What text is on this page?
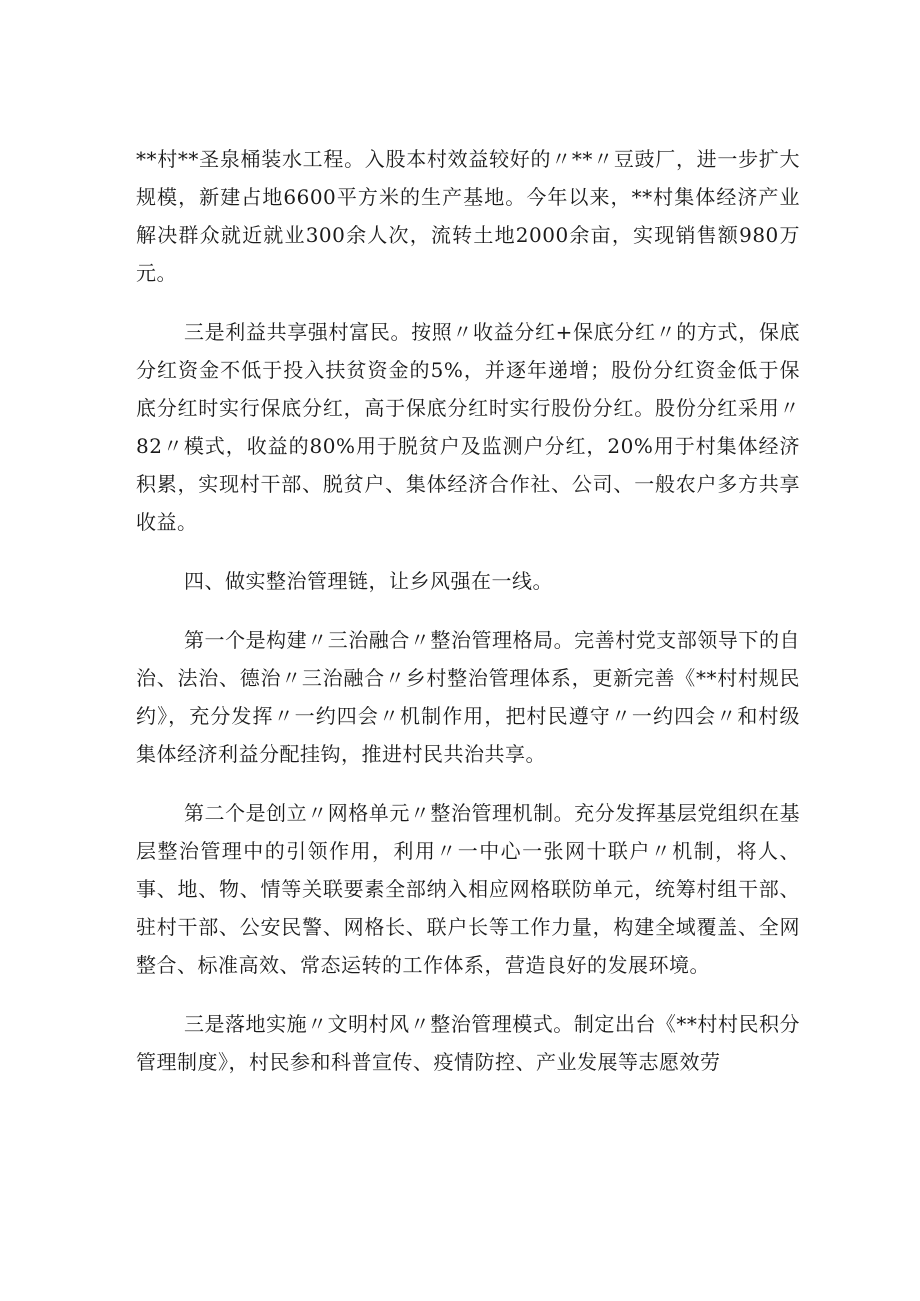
**村**圣泉桶装水工程。入股本村效益较好的〃**〃豆豉厂，进一步扩大规模，新建占地6600平方米的生产基地。今年以来，**村集体经济产业解决群众就近就业300余人次，流转土地2000余亩，实现销售额980万元。

三是利益共享强村富民。按照〃收益分红+保底分红〃的方式，保底分红资金不低于投入扶贫资金的5%，并逐年递增；股份分红资金低于保底分红时实行保底分红，高于保底分红时实行股份分红。股份分红采用〃82〃模式，收益的80%用于脱贫户及监测户分红，20%用于村集体经济积累，实现村干部、脱贫户、集体经济合作社、公司、一般农户多方共享收益。

四、做实整治管理链，让乡风强在一线。

第一个是构建〃三治融合〃整治管理格局。完善村党支部领导下的自治、法治、德治〃三治融合〃乡村整治管理体系，更新完善《**村村规民约》，充分发挥〃一约四会〃机制作用，把村民遵守〃一约四会〃和村级集体经济利益分配挂钩，推进村民共治共享。

第二个是创立〃网格单元〃整治管理机制。充分发挥基层党组织在基层整治管理中的引领作用，利用〃一中心一张网十联户〃机制，将人、事、地、物、情等关联要素全部纳入相应网格联防单元，统筹村组干部、驻村干部、公安民警、网格长、联户长等工作力量，构建全域覆盖、全网整合、标准高效、常态运转的工作体系，营造良好的发展环境。

三是落地实施〃文明村风〃整治管理模式。制定出台《**村村民积分管理制度》，村民参和科普宣传、疫情防控、产业发展等志愿效劳
